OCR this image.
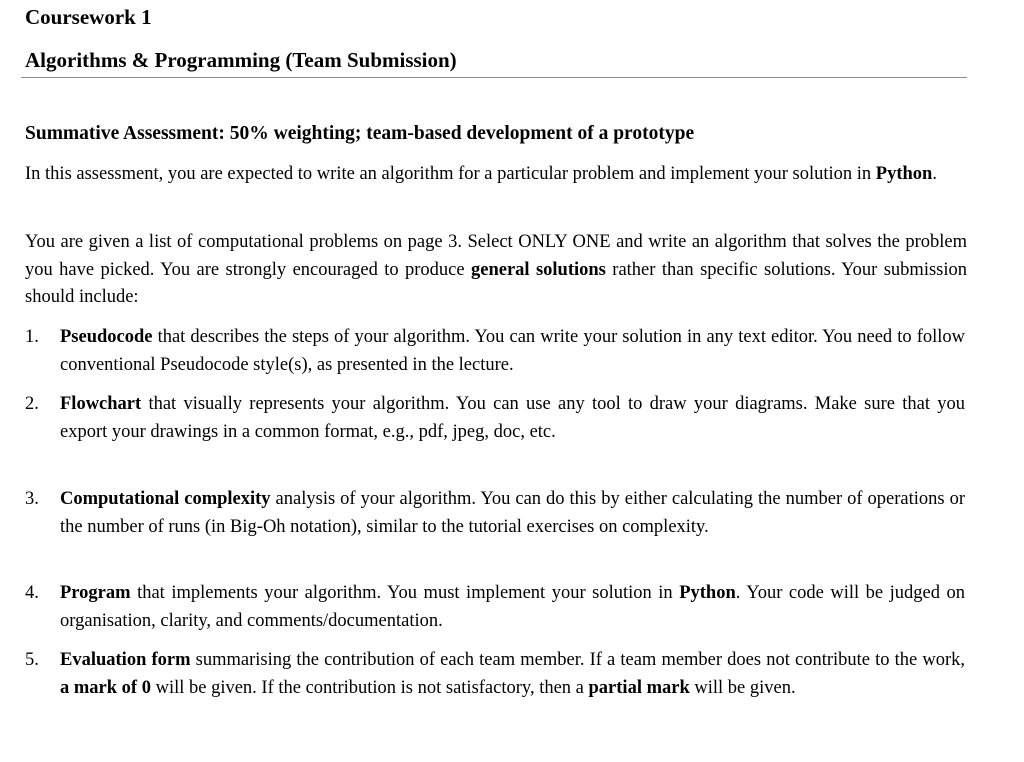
Coursework 1
Algorithms & Programming (Team Submission)
Summative Assessment: 50% weighting; team-based development of a prototype

In this assessment, you are expected to write an algorithm for a particular problem and implement your solution in Python.

You are given a list of computational problems on page 3. Select ONLY ONE and write an algorithm that solves the problem you have picked. You are strongly encouraged to produce general solutions rather than specific solutions. Your submission should include:

1.	Pseudocode that describes the steps of your algorithm. You can write your solution in any text editor. You need to follow conventional Pseudocode style(s), as presented in the lecture.
2.	Flowchart that visually represents your algorithm. You can use any tool to draw your diagrams. Make sure that you export your drawings in a common format, e.g., pdf, jpeg, doc, etc.
3.	Computational complexity analysis of your algorithm. You can do this by either calculating the number of operations or the number of runs (in Big-Oh notation), similar to the tutorial exercises on complexity.
4.	Program that implements your algorithm. You must implement your solution in Python. Your code will be judged on organisation, clarity, and comments/documentation.
5.	Evaluation form summarising the contribution of each team member. If a team member does not contribute to the work, a mark of 0 will be given. If the contribution is not satisfactory, then a partial mark will be given.
